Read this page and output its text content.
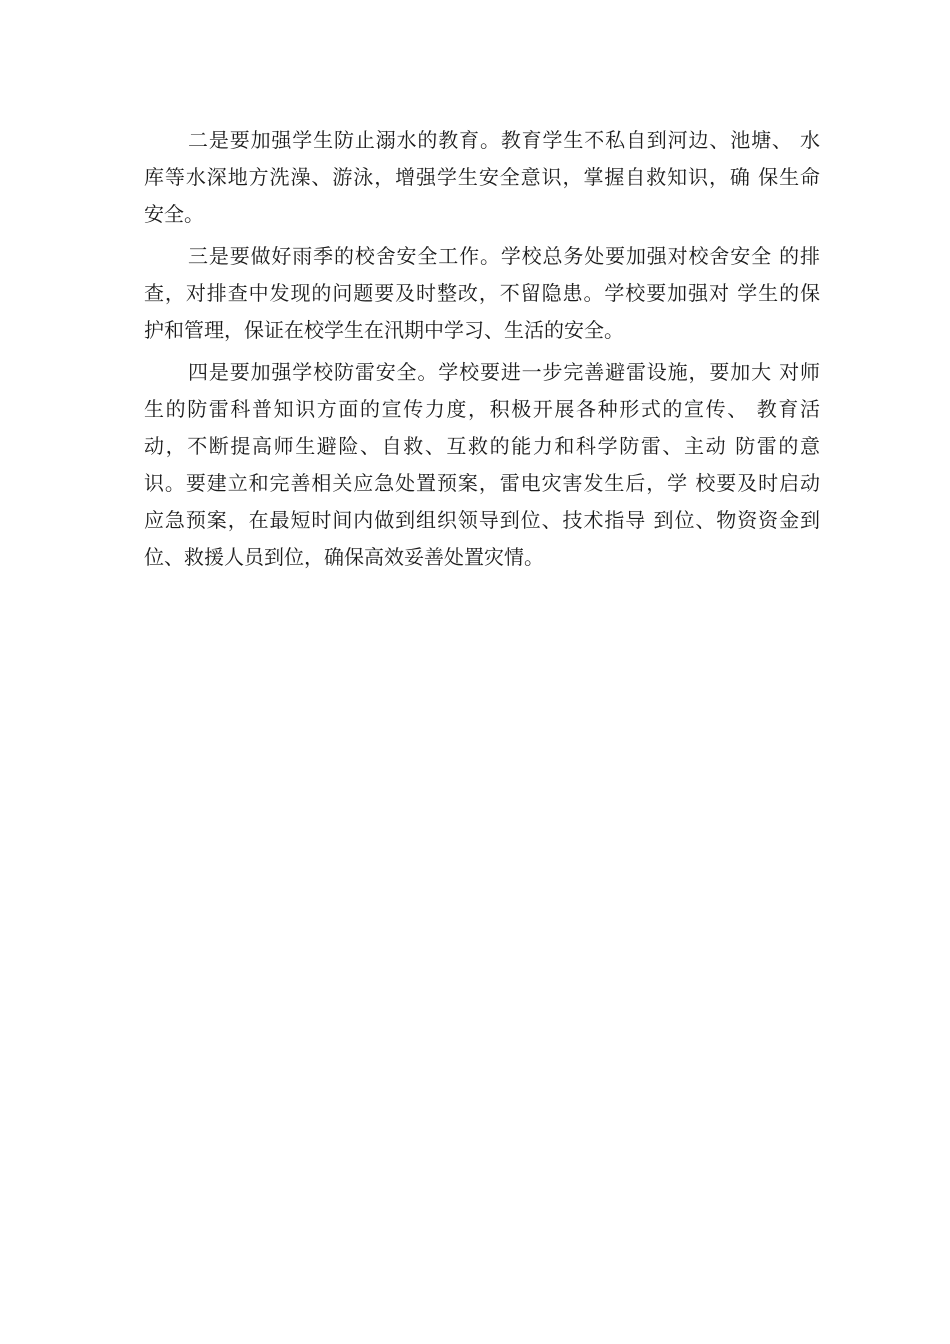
二是要加强学生防止溺水的教育。教育学生不私自到河边、池塘、 水
库等水深地方洗澡、游泳，增强学生安全意识，掌握自救知识，确 保生命
安全。

三是要做好雨季的校舍安全工作。学校总务处要加强对校舍安全 的排
查，对排查中发现的问题要及时整改，不留隐患。学校要加强对 学生的保
护和管理，保证在校学生在汛期中学习、生活的安全。

四是要加强学校防雷安全。学校要进一步完善避雷设施，要加大 对师
生的防雷科普知识方面的宣传力度，积极开展各种形式的宣传、 教育活
动，不断提高师生避险、自救、互救的能力和科学防雷、主动 防雷的意
识。要建立和完善相关应急处置预案，雷电灾害发生后，学 校要及时启动
应急预案，在最短时间内做到组织领导到位、技术指导 到位、物资资金到
位、救援人员到位，确保高效妥善处置灾情。
